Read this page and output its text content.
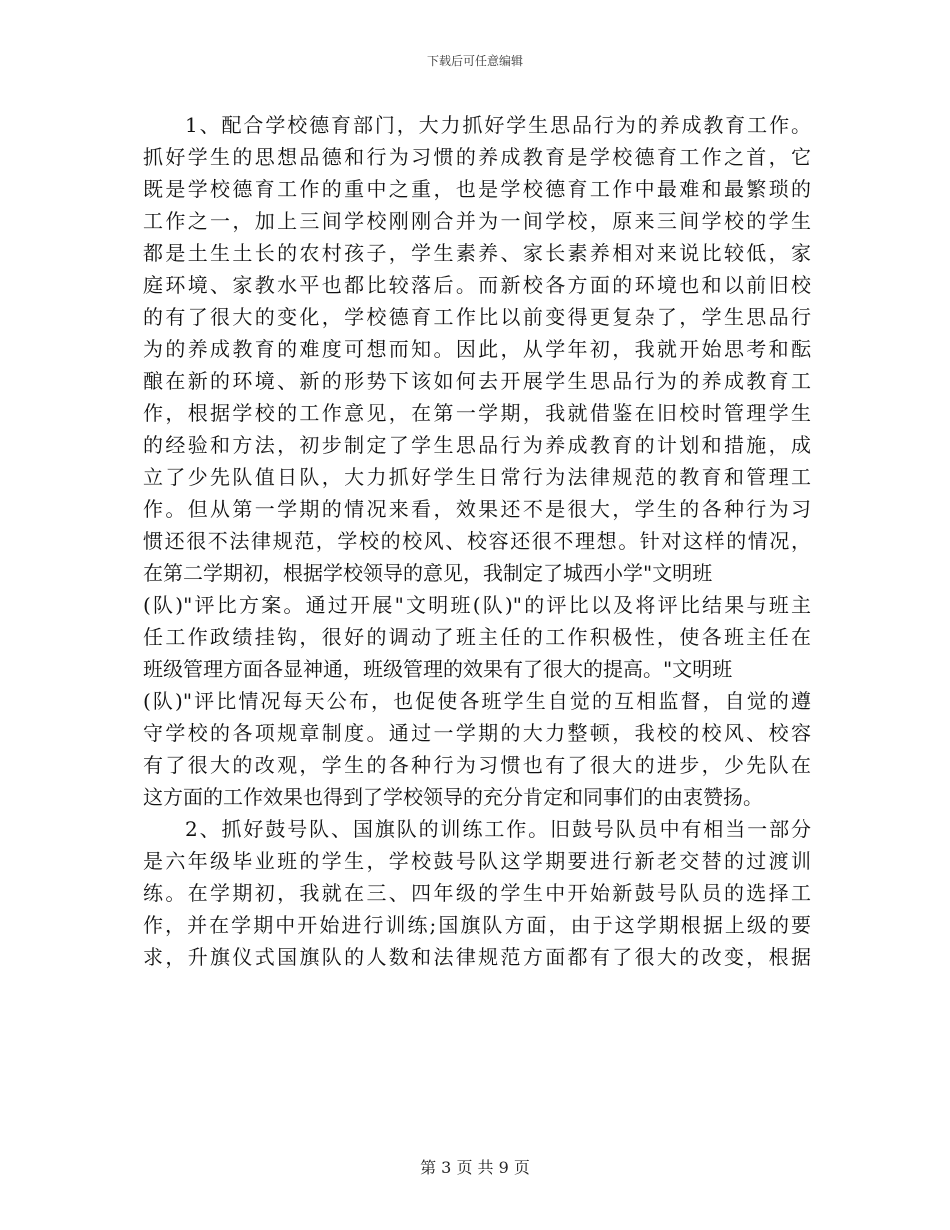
下载后可任意编辑
1、配合学校德育部门，大力抓好学生思品行为的养成教育工作。
抓好学生的思想品德和行为习惯的养成教育是学校德育工作之首，它
既是学校德育工作的重中之重，也是学校德育工作中最难和最繁琐的
工作之一，加上三间学校刚刚合并为一间学校，原来三间学校的学生
都是土生土长的农村孩子，学生素养、家长素养相对来说比较低，家
庭环境、家教水平也都比较落后。而新校各方面的环境也和以前旧校
的有了很大的变化，学校德育工作比以前变得更复杂了，学生思品行
为的养成教育的难度可想而知。因此，从学年初，我就开始思考和酝
酿在新的环境、新的形势下该如何去开展学生思品行为的养成教育工
作，根据学校的工作意见，在第一学期，我就借鉴在旧校时管理学生
的经验和方法，初步制定了学生思品行为养成教育的计划和措施，成
立了少先队值日队，大力抓好学生日常行为法律规范的教育和管理工
作。但从第一学期的情况来看，效果还不是很大，学生的各种行为习
惯还很不法律规范，学校的校风、校容还很不理想。针对这样的情况，
在第二学期初，根据学校领导的意见，我制定了城西小学"文明班
(队)"评比方案。通过开展"文明班(队)"的评比以及将评比结果与班主
任工作政绩挂钩，很好的调动了班主任的工作积极性，使各班主任在
班级管理方面各显神通，班级管理的效果有了很大的提高。"文明班
(队)"评比情况每天公布，也促使各班学生自觉的互相监督，自觉的遵
守学校的各项规章制度。通过一学期的大力整顿，我校的校风、校容
有了很大的改观，学生的各种行为习惯也有了很大的进步，少先队在
这方面的工作效果也得到了学校领导的充分肯定和同事们的由衷赞扬。
2、抓好鼓号队、国旗队的训练工作。旧鼓号队员中有相当一部分
是六年级毕业班的学生，学校鼓号队这学期要进行新老交替的过渡训
练。在学期初，我就在三、四年级的学生中开始新鼓号队员的选择工
作，并在学期中开始进行训练;国旗队方面，由于这学期根据上级的要
求，升旗仪式国旗队的人数和法律规范方面都有了很大的改变，根据
第 3 页 共 9 页
